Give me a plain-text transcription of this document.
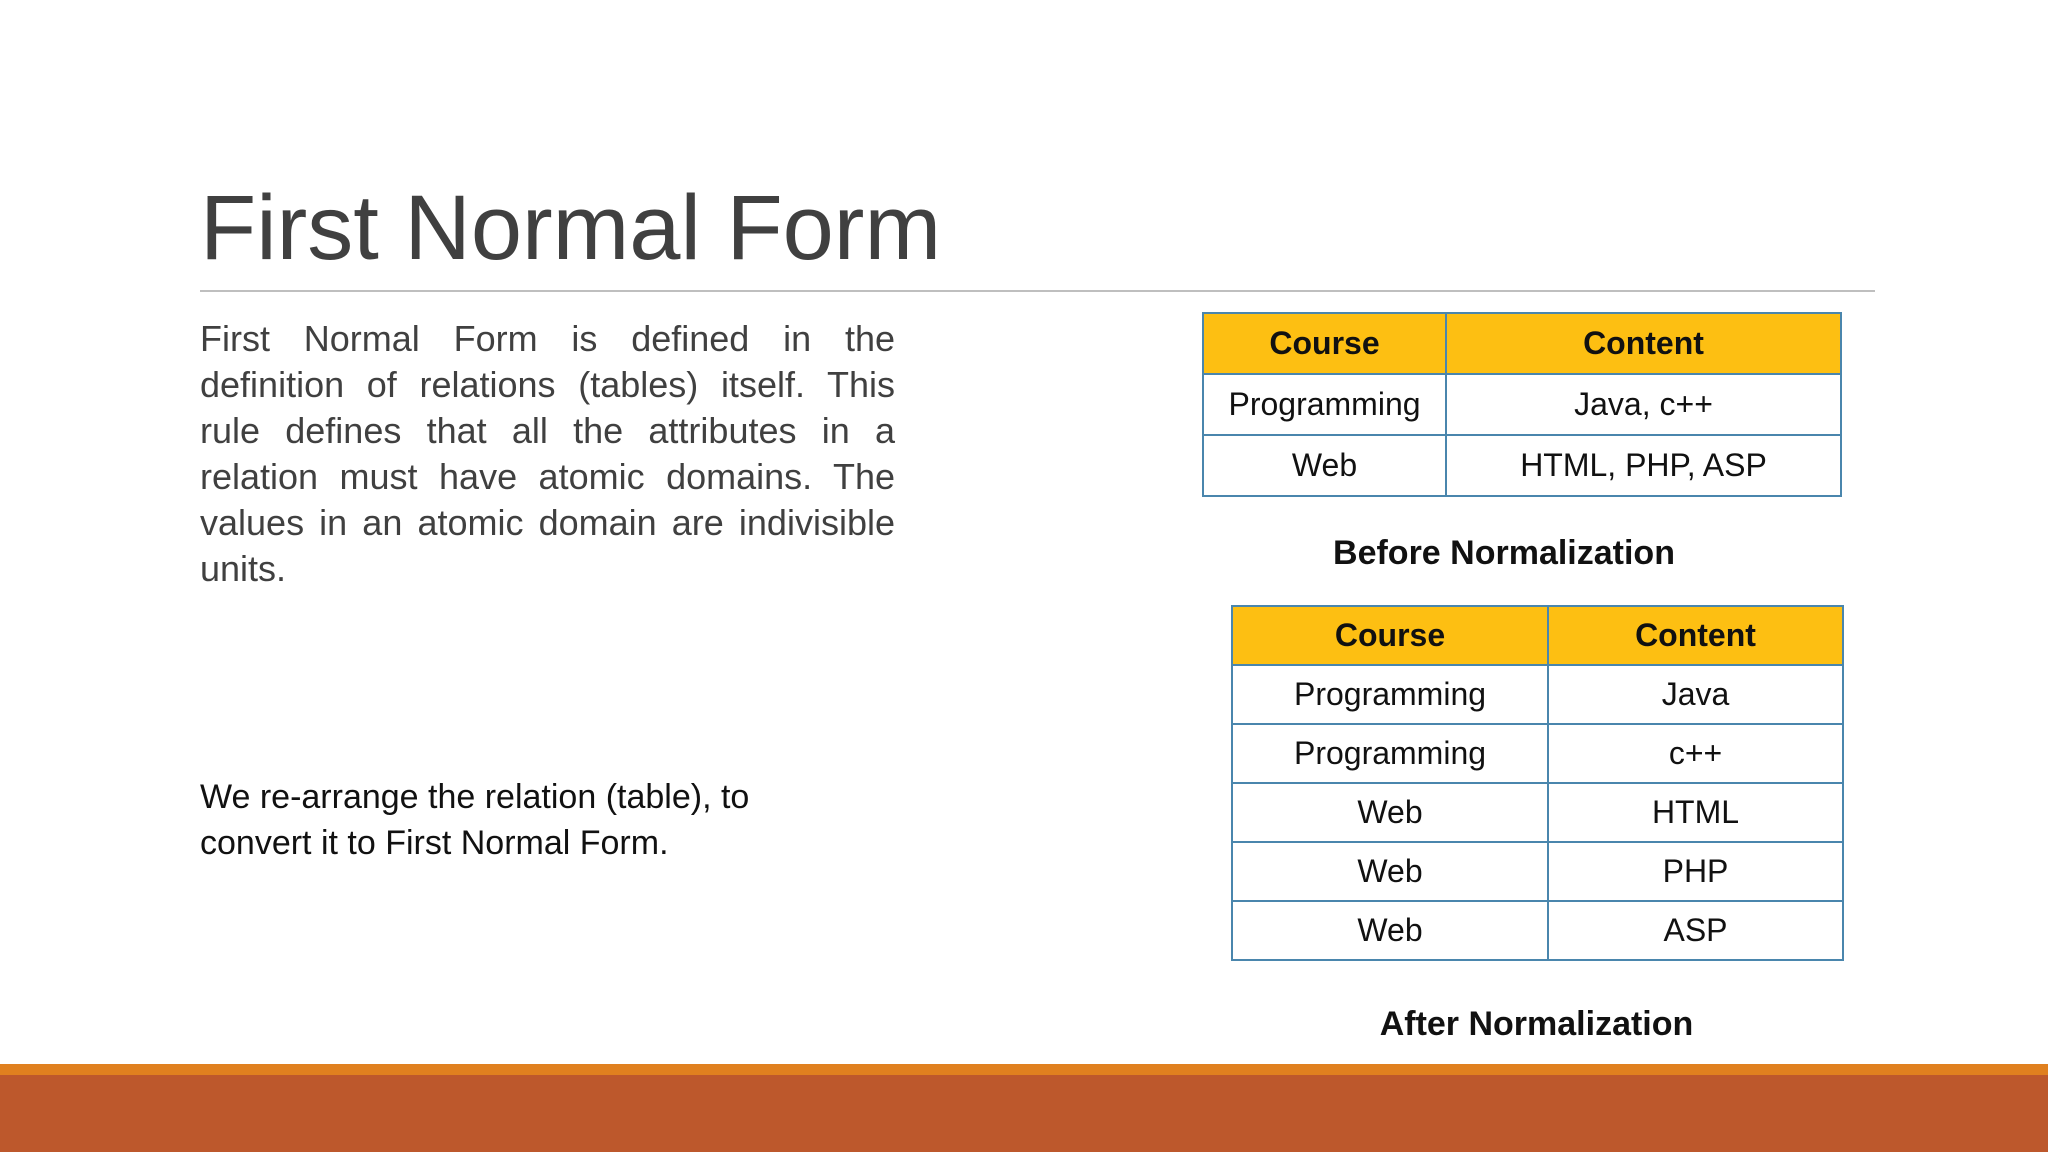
First Normal Form

First Normal Form is defined in the definition of relations (tables) itself. This rule defines that all the attributes in a relation must have atomic domains. The values in an atomic domain are indivisible units.

We re-arrange the relation (table), to convert it to First Normal Form.

Course	Content
Programming	Java, c++
Web	HTML, PHP, ASP
Before Normalization
Course	Content
Programming	Java
Programming	c++
Web	HTML
Web	PHP
Web	ASP
After Normalization
